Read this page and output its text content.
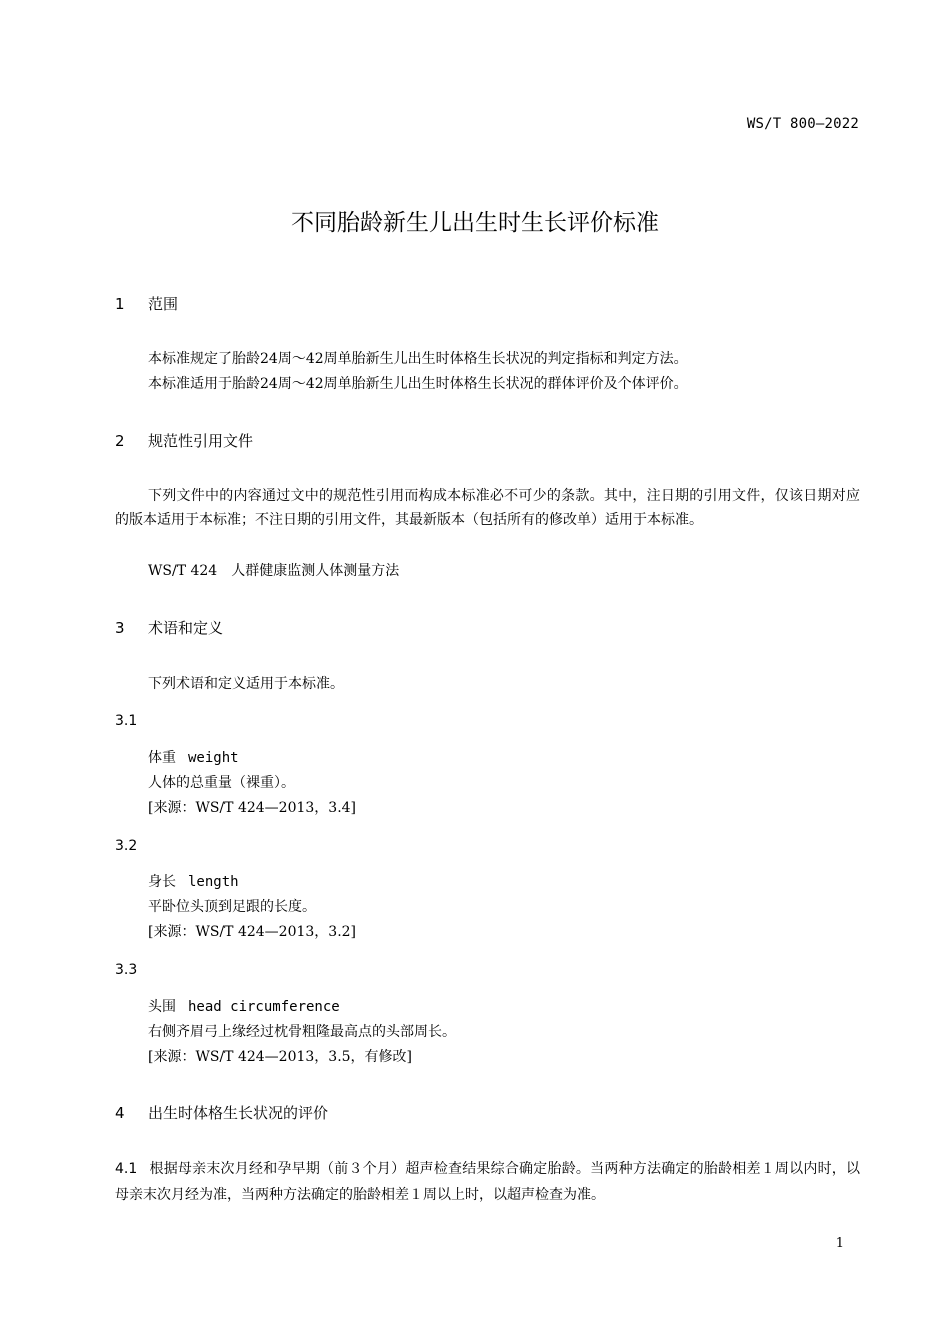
WS/T 800—2022
不同胎龄新生儿出生时生长评价标准
1 范围
本标准规定了胎龄24周～42周单胎新生儿出生时体格生长状况的判定指标和判定方法。
本标准适用于胎龄24周～42周单胎新生儿出生时体格生长状况的群体评价及个体评价。
2 规范性引用文件
下列文件中的内容通过文中的规范性引用而构成本标准必不可少的条款。其中，注日期的引用文件，仅该日期对应的版本适用于本标准；不注日期的引用文件，其最新版本（包括所有的修改单）适用于本标准。
WS/T 424　人群健康监测人体测量方法
3 术语和定义
下列术语和定义适用于本标准。
3.1
体重 weight
人体的总重量（裸重）。
[来源：WS/T 424—2013，3.4]
3.2
身长 length
平卧位头顶到足跟的长度。
[来源：WS/T 424—2013，3.2]
3.3
头围 head circumference
右侧齐眉弓上缘经过枕骨粗隆最高点的头部周长。
[来源：WS/T 424—2013，3.5，有修改]
4 出生时体格生长状况的评价
4.1 根据母亲末次月经和孕早期（前３个月）超声检查结果综合确定胎龄。当两种方法确定的胎龄相差１周以内时，以母亲末次月经为准，当两种方法确定的胎龄相差１周以上时，以超声检查为准。
1
